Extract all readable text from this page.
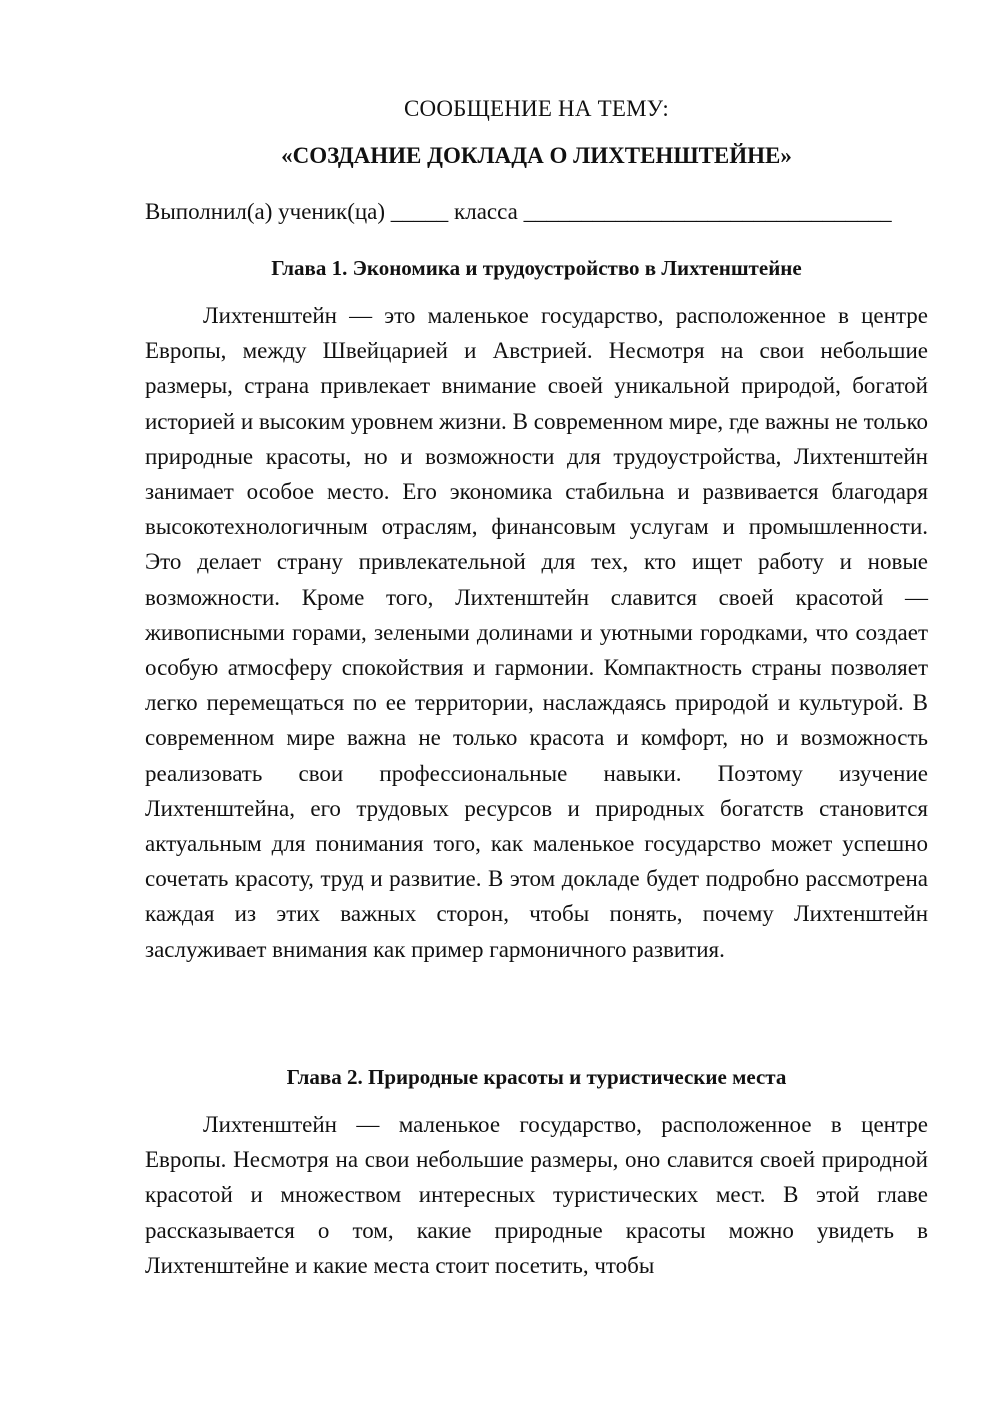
СООБЩЕНИЕ НА ТЕМУ:
«СОЗДАНИЕ ДОКЛАДА О ЛИХТЕНШТЕЙНЕ»
Выполнил(а) ученик(ца) _____ класса ________________________________
Глава 1. Экономика и трудоустройство в Лихтенштейне

Лихтенштейн — это маленькое государство, расположенное в центре Европы, между Швейцарией и Австрией. Несмотря на свои небольшие размеры, страна привлекает внимание своей уникальной природой, богатой историей и высоким уровнем жизни. В современном мире, где важны не только природные красоты, но и возможности для трудоустройства, Лихтенштейн занимает особое место. Его экономика стабильна и развивается благодаря высокотехнологичным отраслям, финансовым услугам и промышленности. Это делает страну привлекательной для тех, кто ищет работу и новые возможности. Кроме того, Лихтенштейн славится своей красотой — живописными горами, зелеными долинами и уютными городками, что создает особую атмосферу спокойствия и гармонии. Компактность страны позволяет легко перемещаться по ее территории, наслаждаясь природой и культурой. В современном мире важна не только красота и комфорт, но и возможность реализовать свои профессиональные навыки. Поэтому изучение Лихтенштейна, его трудовых ресурсов и природных богатств становится актуальным для понимания того, как маленькое государство может успешно сочетать красоту, труд и развитие. В этом докладе будет подробно рассмотрена каждая из этих важных сторон, чтобы понять, почему Лихтенштейн заслуживает внимания как пример гармоничного развития.

Глава 2. Природные красоты и туристические места

Лихтенштейн — маленькое государство, расположенное в центре Европы. Несмотря на свои небольшие размеры, оно славится своей природной красотой и множеством интересных туристических мест. В этой главе рассказывается о том, какие природные красоты можно увидеть в Лихтенштейне и какие места стоит посетить, чтобы
